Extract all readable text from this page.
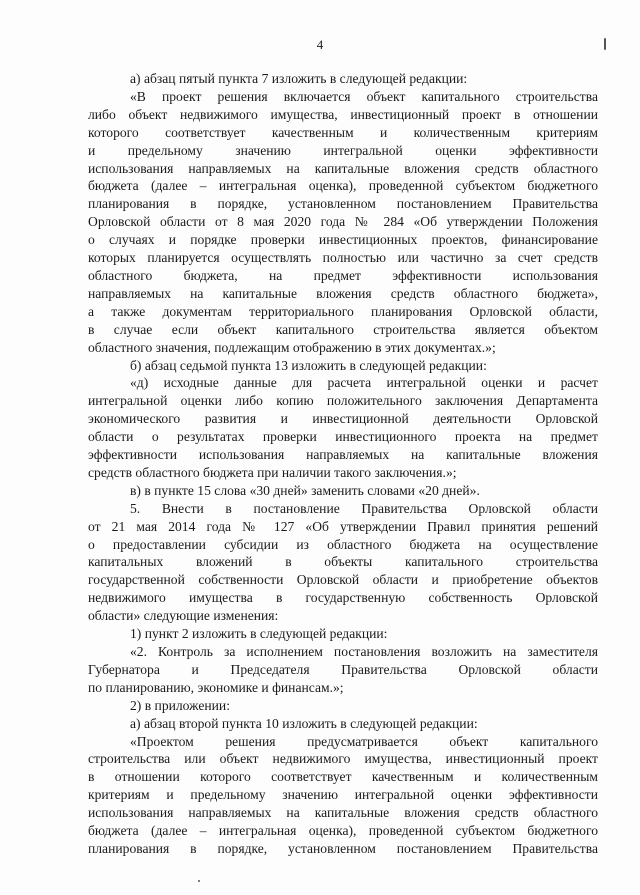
4

а) абзац пятый пункта 7 изложить в следующей редакции:

«В проект решения включается объект капитального строительства

либо объект недвижимого имущества, инвестиционный проект в отношении

которого соответствует качественным и количественным критериям

и предельному значению интегральной оценки эффективности

использования направляемых на капитальные вложения средств областного

бюджета (далее – интегральная оценка), проведенной субъектом бюджетного

планирования в порядке, установленном постановлением Правительства

Орловской области от 8 мая 2020 года № 284 «Об утверждении Положения

о случаях и порядке проверки инвестиционных проектов, финансирование

которых планируется осуществлять полностью или частично за счет средств

областного бюджета, на предмет эффективности использования

направляемых на капитальные вложения средств областного бюджета»,

а также документам территориального планирования Орловской области,

в случае если объект капитального строительства является объектом

областного значения, подлежащим отображению в этих документах.»;

б) абзац седьмой пункта 13 изложить в следующей редакции:

«д) исходные данные для расчета интегральной оценки и расчет

интегральной оценки либо копию положительного заключения Департамента

экономического развития и инвестиционной деятельности Орловской

области о результатах проверки инвестиционного проекта на предмет

эффективности использования направляемых на капитальные вложения

средств областного бюджета при наличии такого заключения.»;

в) в пункте 15 слова «30 дней» заменить словами «20 дней».

5. Внести в постановление Правительства Орловской области

от 21 мая 2014 года № 127 «Об утверждении Правил принятия решений

о предоставлении субсидии из областного бюджета на осуществление

капитальных вложений в объекты капитального строительства

государственной собственности Орловской области и приобретение объектов

недвижимого имущества в государственную собственность Орловской

области» следующие изменения:

1) пункт 2 изложить в следующей редакции:

«2. Контроль за исполнением постановления возложить на заместителя

Губернатора и Председателя Правительства Орловской области

по планированию, экономике и финансам.»;

2) в приложении:

а) абзац второй пункта 10 изложить в следующей редакции:

«Проектом решения предусматривается объект капитального

строительства или объект недвижимого имущества, инвестиционный проект

в отношении которого соответствует качественным и количественным

критериям и предельному значению интегральной оценки эффективности

использования направляемых на капитальные вложения средств областного

бюджета (далее – интегральная оценка), проведенной субъектом бюджетного

планирования в порядке, установленном постановлением Правительства
